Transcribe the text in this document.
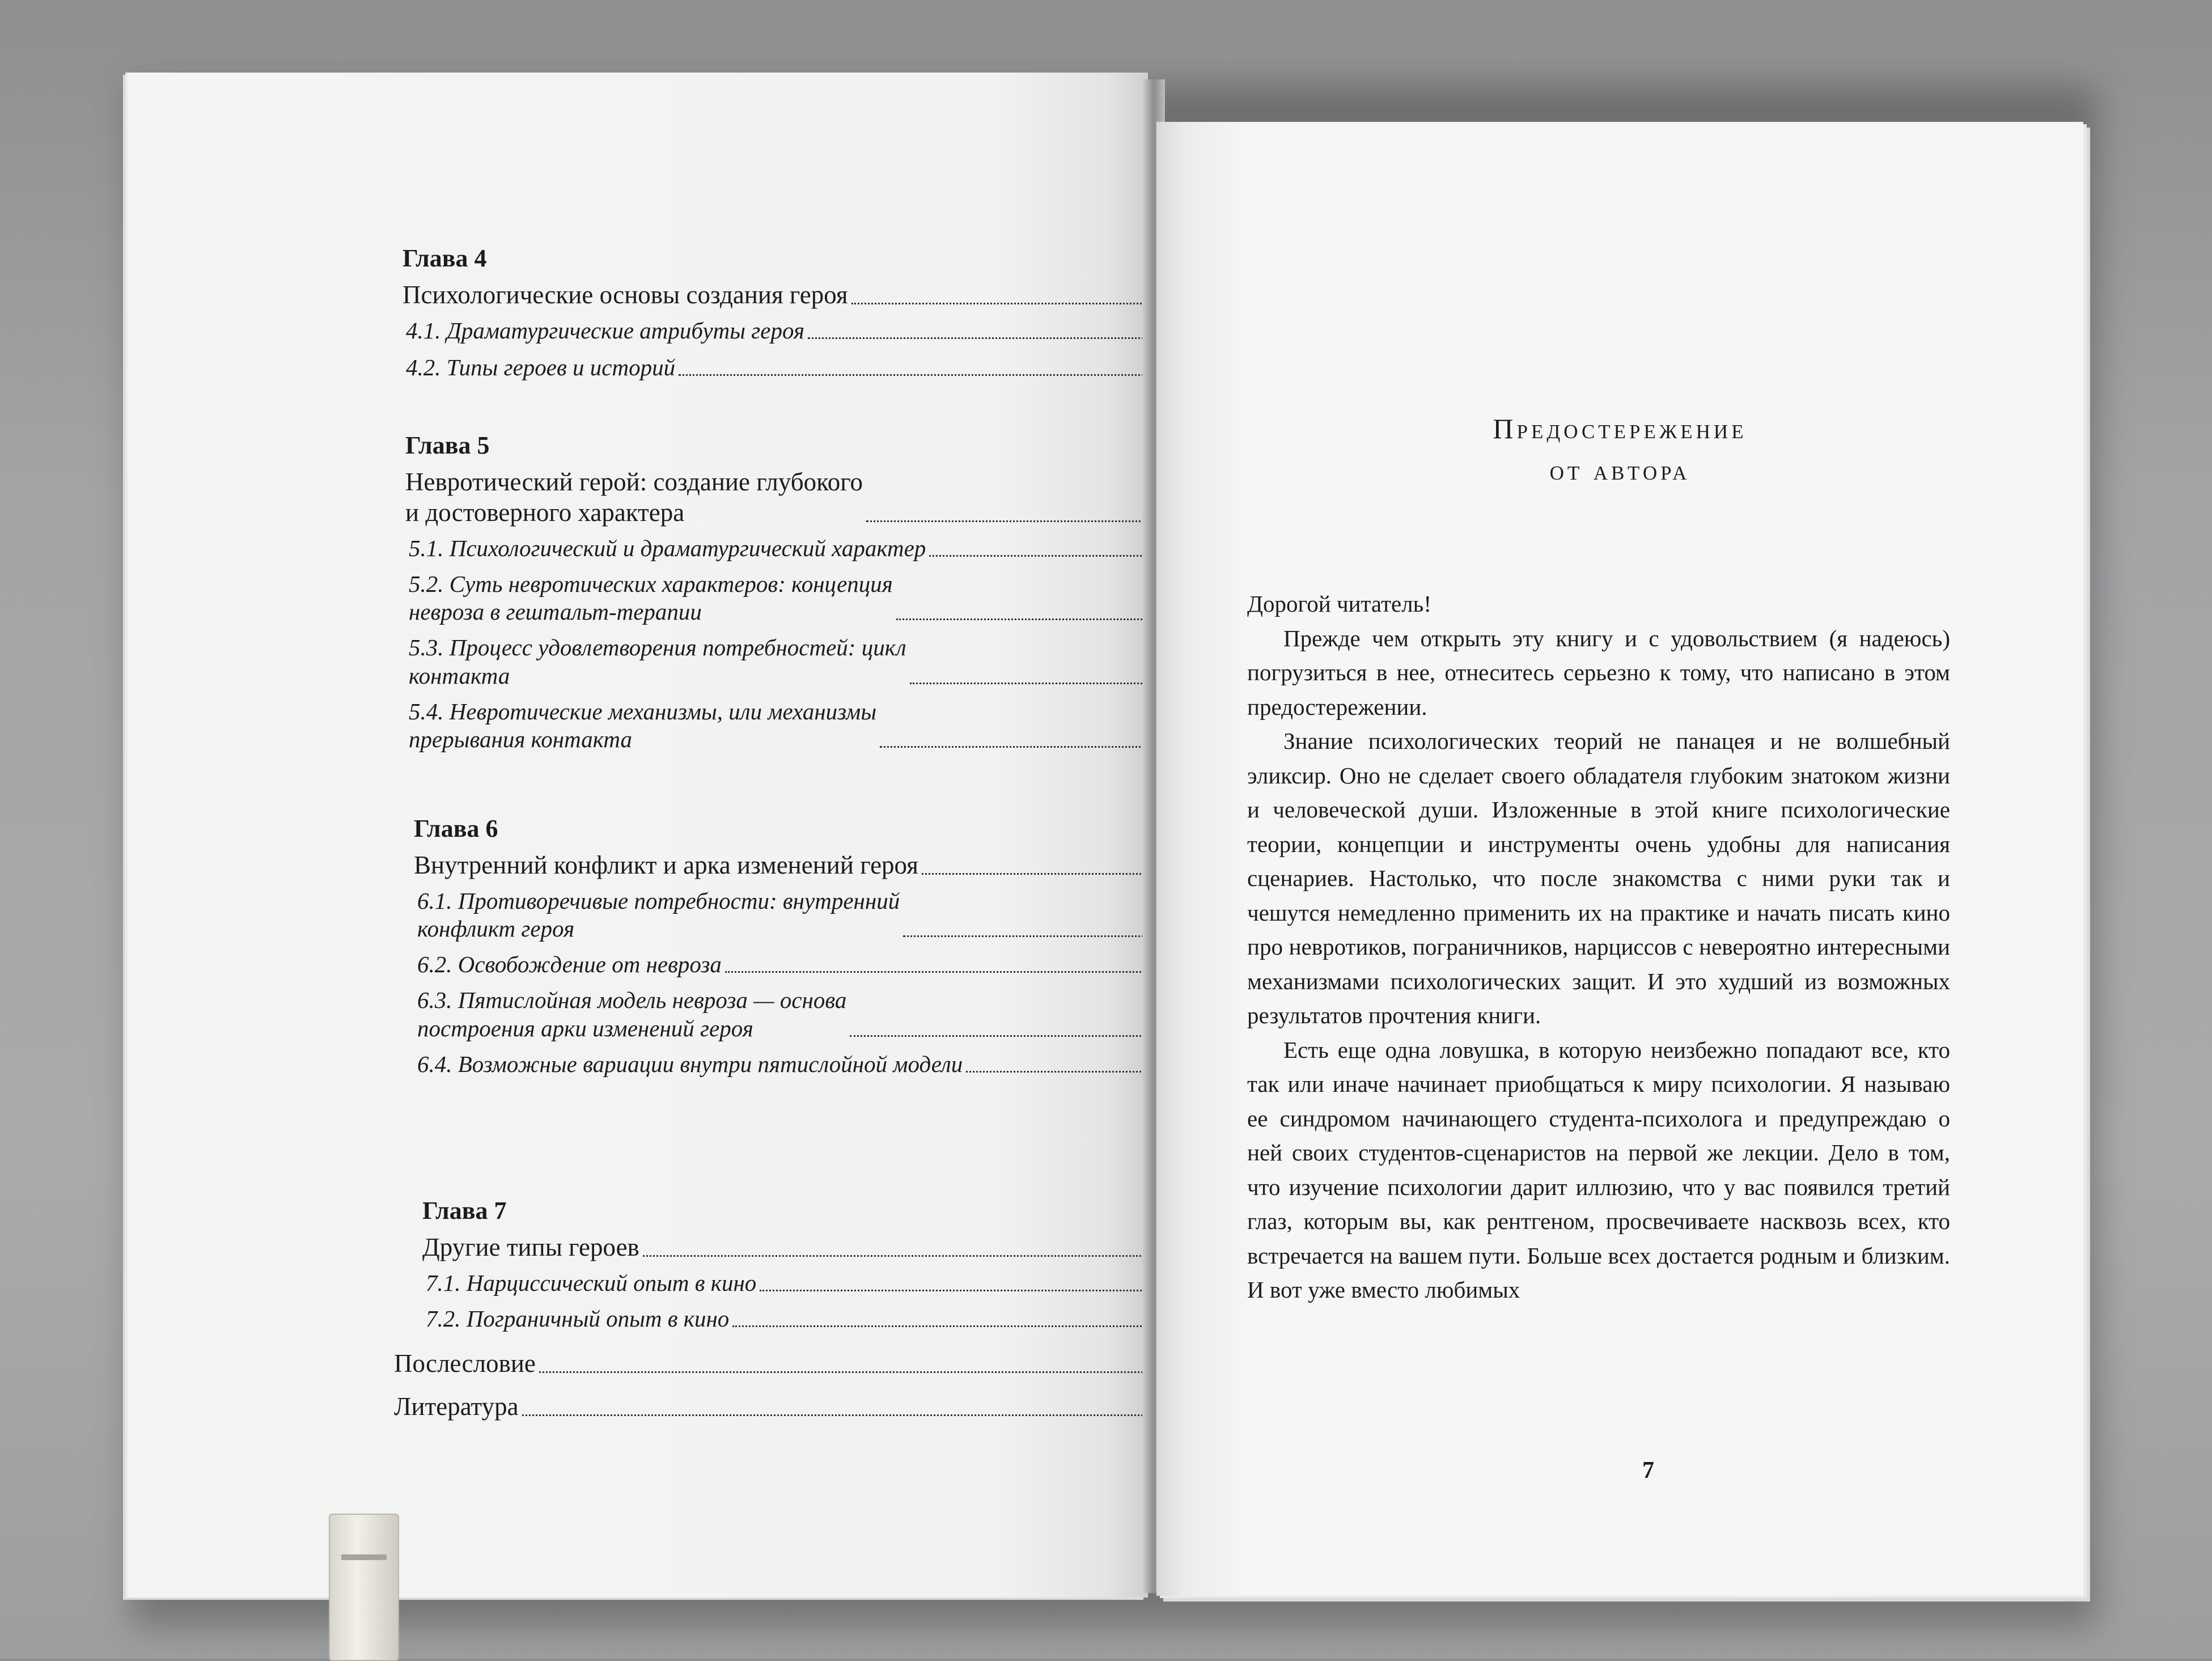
Глава 4
Психологические основы создания героя
4.1. Драматургические атрибуты героя
4.2. Типы героев и историй
Глава 5
Невротический герой: создание глубокого
и достоверного характера
5.1. Психологический и драматургический характер
5.2. Суть невротических характеров: концепция
невроза в гештальт-терапии
5.3. Процесс удовлетворения потребностей: цикл
контакта
5.4. Невротические механизмы, или механизмы
прерывания контакта
Глава 6
Внутренний конфликт и арка изменений героя
6.1. Противоречивые потребности: внутренний
конфликт героя
6.2. Освобождение от невроза
6.3. Пятислойная модель невроза — основа
построения арки изменений героя
6.4. Возможные вариации внутри пятислойной модели
Глава 7
Другие типы героев
7.1. Нарциссический опыт в кино
7.2. Пограничный опыт в кино
Послесловие
Литература
Предостережение
от автора

Дорогой читатель!

Прежде чем открыть эту книгу и с удовольствием (я надеюсь) погрузиться в нее, отнеситесь серьезно к тому, что написано в этом предостережении.

Знание психологических теорий не панацея и не волшебный эликсир. Оно не сделает своего обладателя глубоким знатоком жизни и человеческой души. Изложенные в этой книге психологические теории, концепции и инструменты очень удобны для написания сценариев. Настолько, что после знакомства с ними руки так и чешутся немедленно применить их на практике и начать писать кино про невротиков, пограничников, нарциссов с невероятно интересными механизмами психологических защит. И это худший из возможных результатов прочтения книги.

Есть еще одна ловушка, в которую неизбежно попадают все, кто так или иначе начинает приобщаться к миру психологии. Я называю ее синдромом начинающего студента-психолога и предупреждаю о ней своих студентов-сценаристов на первой же лекции. Дело в том, что изучение психологии дарит иллюзию, что у вас появился третий глаз, которым вы, как рентгеном, просвечиваете насквозь всех, кто встречается на вашем пути. Больше всех достается родным и близким. И вот уже вместо любимых

7
